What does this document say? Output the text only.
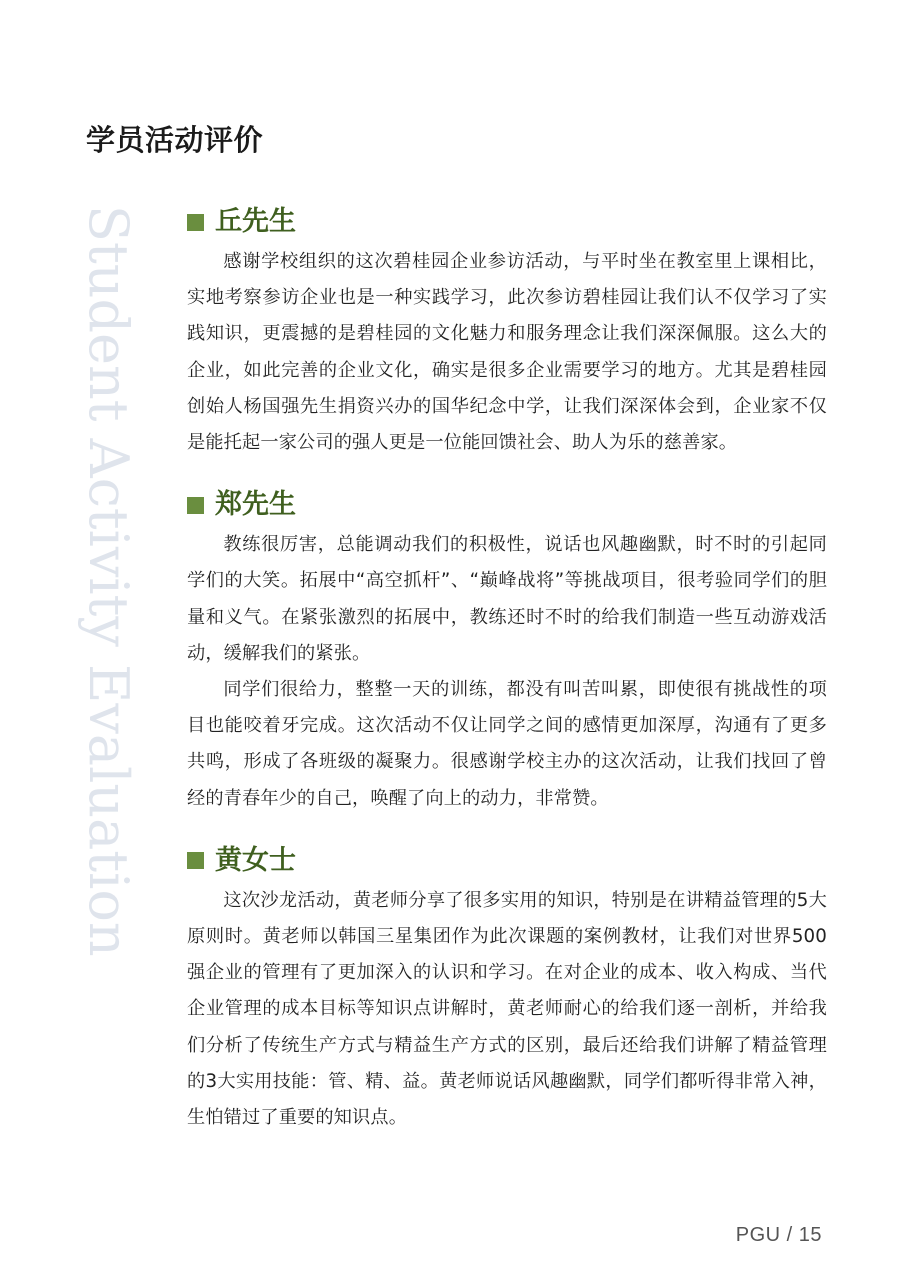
学员活动评价
Student Activity Evaluation	丘先生

感谢学校组织的这次碧桂园企业参访活动，与平时坐在教室里上课相比，实地考察参访企业也是一种实践学习，此次参访碧桂园让我们认不仅学习了实践知识，更震撼的是碧桂园的文化魅力和服务理念让我们深深佩服。这么大的企业，如此完善的企业文化，确实是很多企业需要学习的地方。尤其是碧桂园创始人杨国强先生捐资兴办的国华纪念中学，让我们深深体会到，企业家不仅是能托起一家公司的强人更是一位能回馈社会、助人为乐的慈善家。

郑先生

教练很厉害，总能调动我们的积极性，说话也风趣幽默，时不时的引起同学们的大笑。拓展中“高空抓杆”、“巅峰战将”等挑战项目，很考验同学们的胆量和义气。在紧张激烈的拓展中，教练还时不时的给我们制造一些互动游戏活动，缓解我们的紧张。

同学们很给力，整整一天的训练，都没有叫苦叫累，即使很有挑战性的项目也能咬着牙完成。这次活动不仅让同学之间的感情更加深厚，沟通有了更多共鸣，形成了各班级的凝聚力。很感谢学校主办的这次活动，让我们找回了曾经的青春年少的自己，唤醒了向上的动力，非常赞。

黄女士

这次沙龙活动，黄老师分享了很多实用的知识，特别是在讲精益管理的5大原则时。黄老师以韩国三星集团作为此次课题的案例教材，让我们对世界500强企业的管理有了更加深入的认识和学习。在对企业的成本、收入构成、当代企业管理的成本目标等知识点讲解时，黄老师耐心的给我们逐一剖析，并给我们分析了传统生产方式与精益生产方式的区别，最后还给我们讲解了精益管理的3大实用技能：管、精、益。黄老师说话风趣幽默，同学们都听得非常入神，生怕错过了重要的知识点。

PGU / 15
